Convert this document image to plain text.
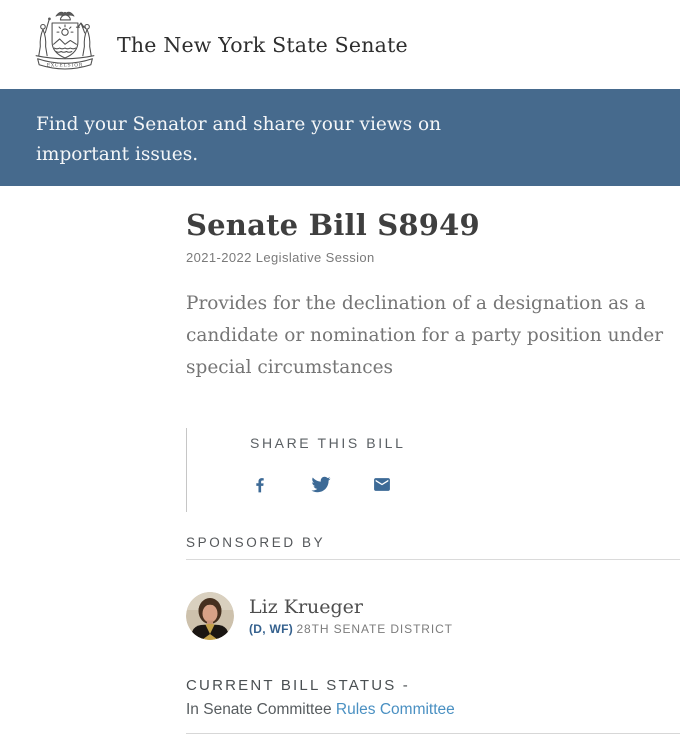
EXCELSIOR
The New York State Senate

Find your Senator and share your views on

important issues.

Senate Bill S8949
2021-2022 Legislative Session

Provides for the declination of a designation as a candidate or nomination for a party position under special circumstances

SHARE THIS BILL
SPONSORED BY
Liz Krueger
(D, WF) 28TH SENATE DISTRICT
CURRENT BILL STATUS -
In Senate Committee Rules Committee
